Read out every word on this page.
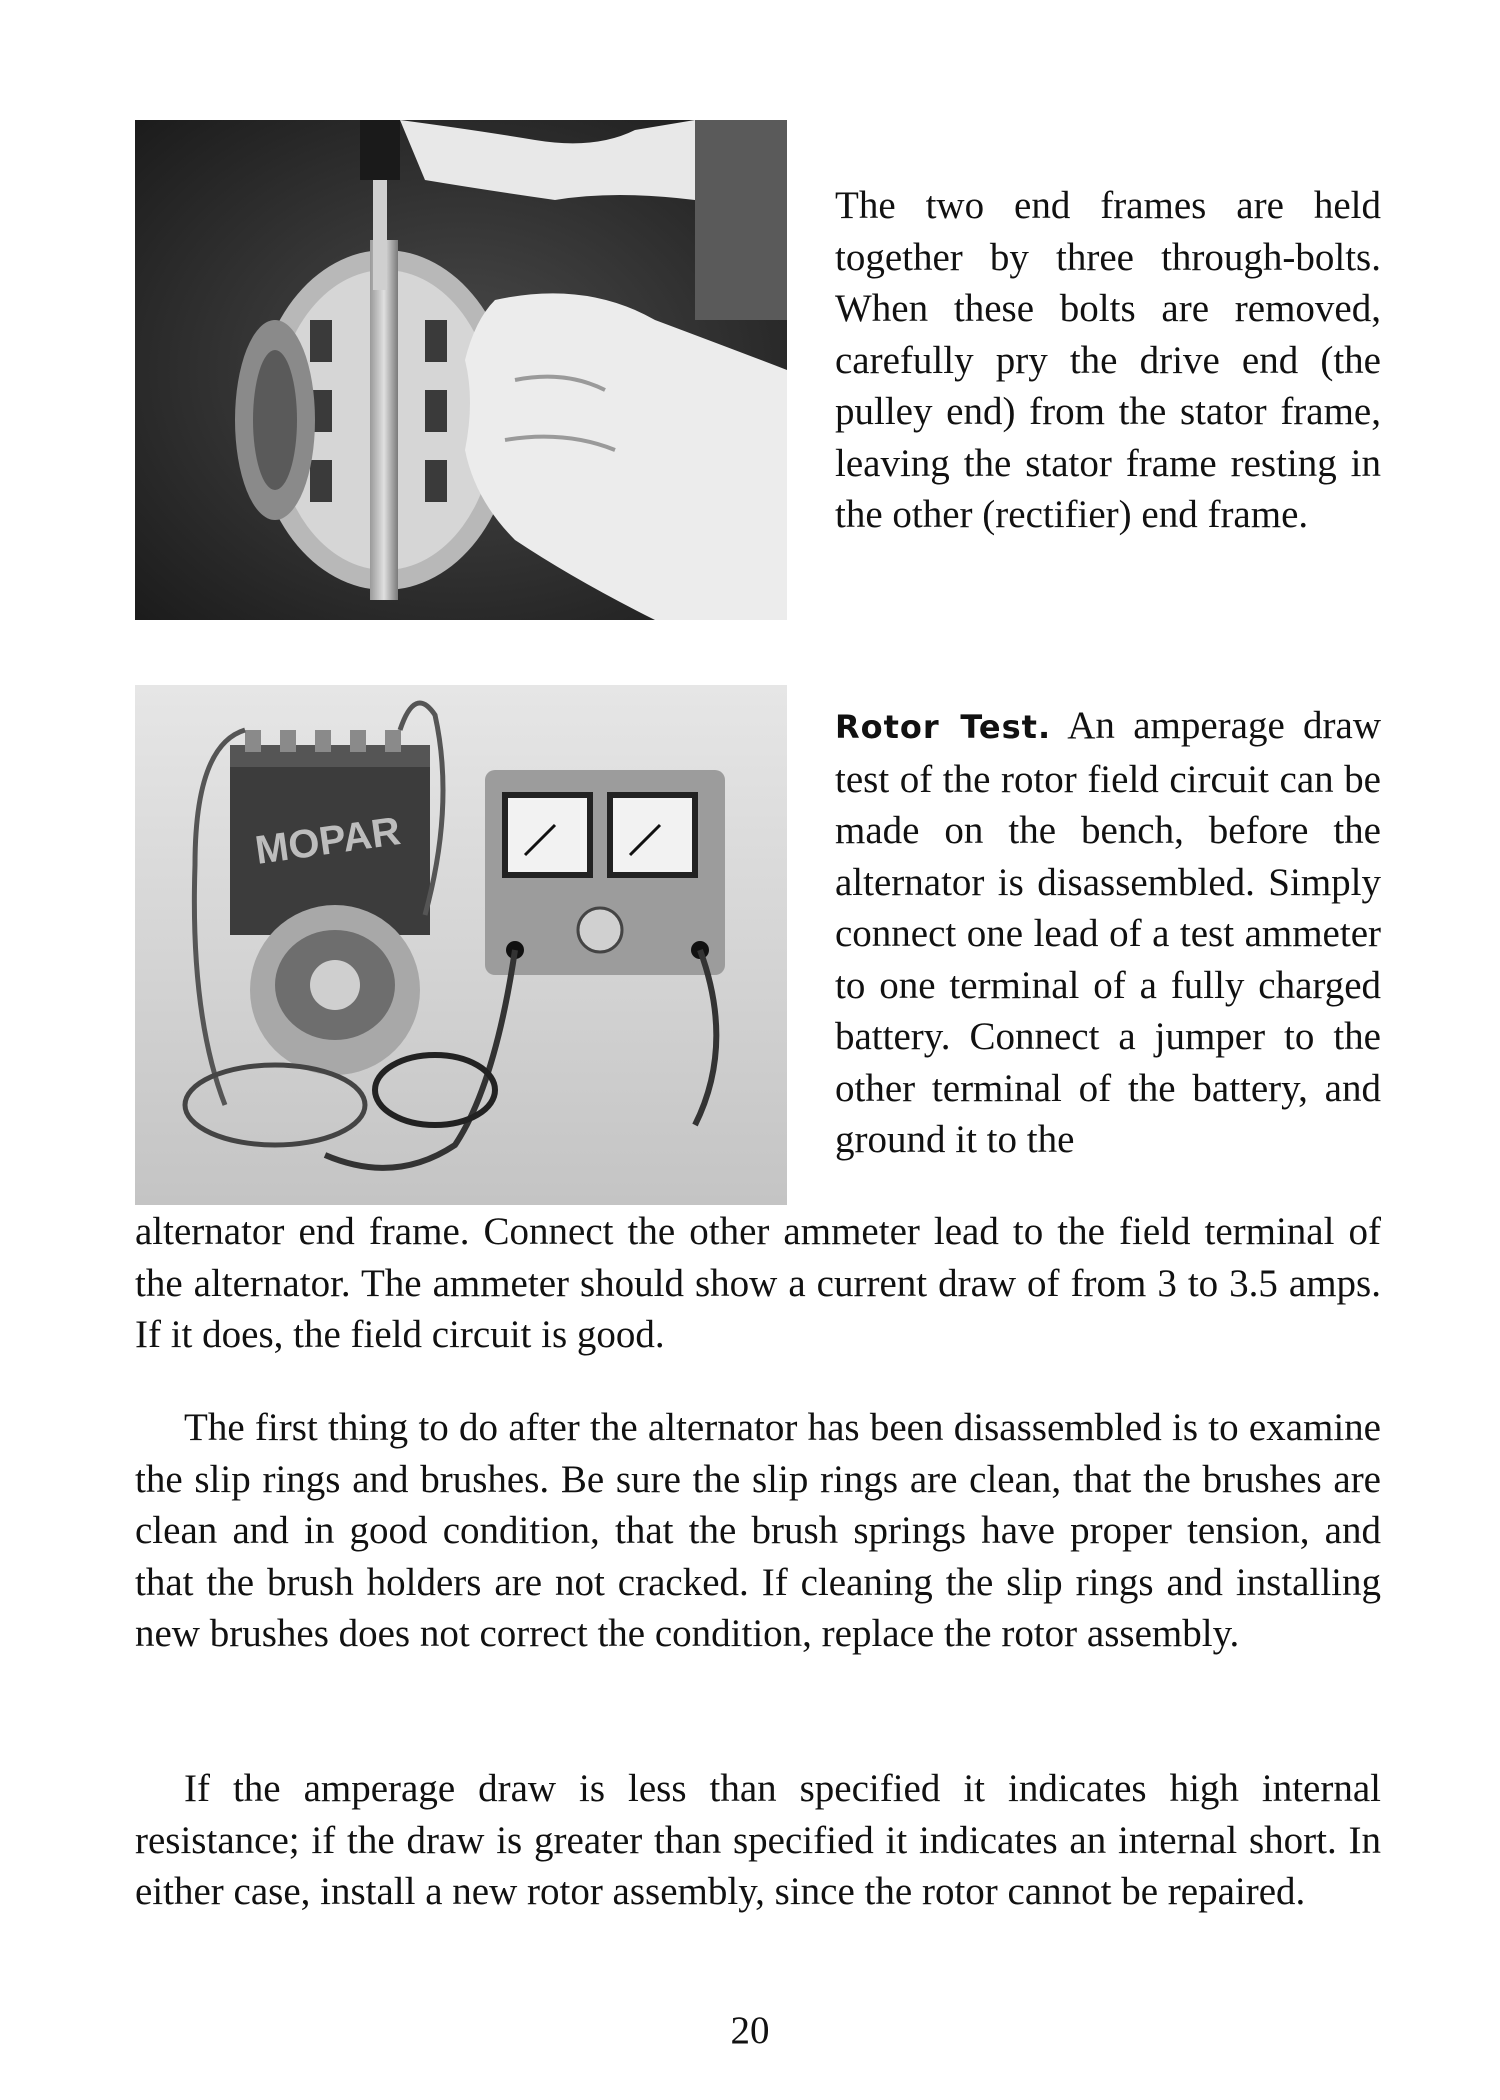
The two end frames are held together by three through-bolts. When these bolts are removed, carefully pry the drive end (the pulley end) from the stator frame, leaving the stator frame resting in the other (rectifier) end frame.

MOPAR

Rotor Test. An amperage draw test of the rotor field circuit can be made on the bench, before the alternator is disassembled. Simply connect one lead of a test ammeter to one terminal of a fully charged battery. Connect a jumper to the other terminal of the battery, and ground it to the

alternator end frame. Connect the other ammeter lead to the field terminal of the alternator. The ammeter should show a current draw of from 3 to 3.5 amps. If it does, the field circuit is good.

The first thing to do after the alternator has been disassembled is to examine the slip rings and brushes. Be sure the slip rings are clean, that the brushes are clean and in good condition, that the brush springs have proper tension, and that the brush holders are not cracked. If cleaning the slip rings and installing new brushes does not correct the condition, replace the rotor assembly.

If the amperage draw is less than specified it indicates high internal resistance; if the draw is greater than specified it indicates an internal short. In either case, install a new rotor assembly, since the rotor cannot be repaired.

20
